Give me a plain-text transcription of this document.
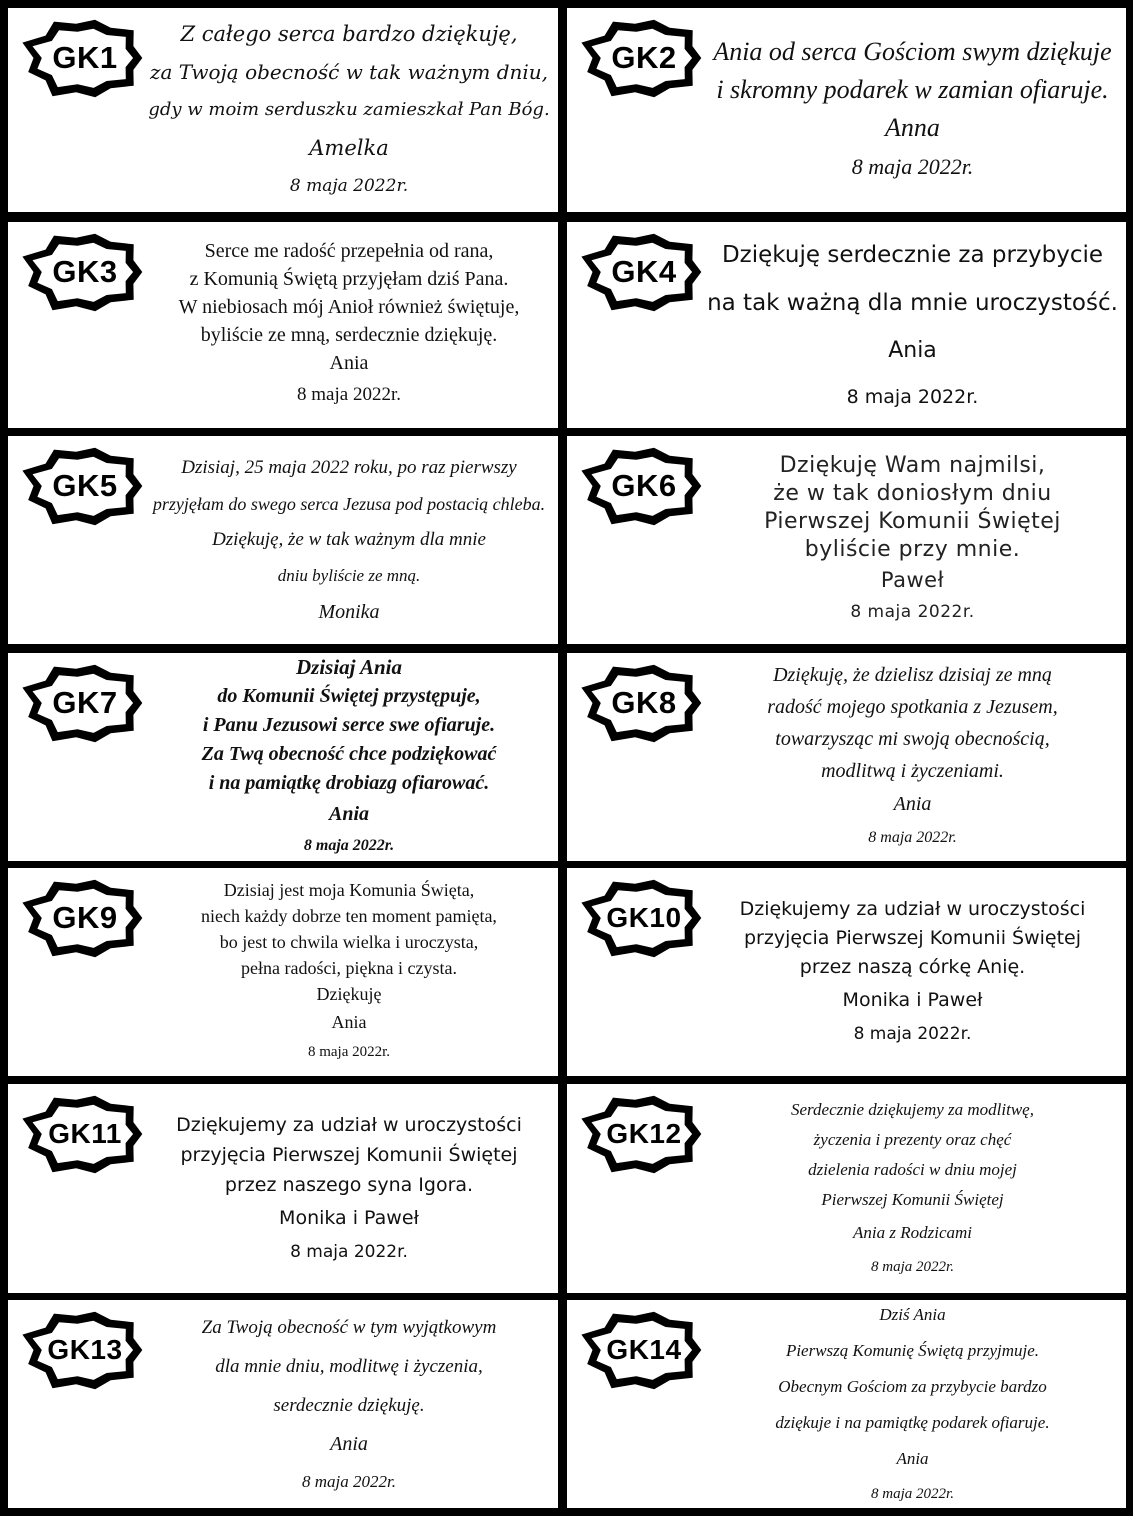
GK1
Z całego serca bardzo dziękuję,
za Twoją obecność w tak ważnym dniu,
gdy w moim serduszku zamieszkał Pan Bóg.
Amelka
8 maja 2022r.
GK2	Ania od serca Gościom swym dziękuje
i skromny podarek w zamian ofiaruje.
Anna
8 maja 2022r.
GK3
Serce me radość przepełnia od rana,
z Komunią Świętą przyjęłam dziś Pana.
W niebiosach mój Anioł również świętuje,
byliście ze mną, serdecznie dziękuję.
Ania
8 maja 2022r.
GK4	Dziękuję serdecznie za przybycie
na tak ważną dla mnie uroczystość.
Ania
8 maja 2022r.
GK5
Dzisiaj, 25 maja 2022 roku, po raz pierwszy
przyjęłam do swego serca Jezusa pod postacią chleba.
Dziękuję, że w tak ważnym dla mnie
dniu byliście ze mną.
Monika
GK6
Dziękuję Wam najmilsi,
że w tak doniosłym dniu
Pierwszej Komunii Świętej
byliście przy mnie.
Paweł
8 maja 2022r.
GK7
Dzisiaj Ania
do Komunii Świętej przystępuje,
i Panu Jezusowi serce swe ofiaruje.
Za Twą obecność chce podziękować
i na pamiątkę drobiazg ofiarować.
Ania
8 maja 2022r.
GK8
Dziękuję, że dzielisz dzisiaj ze mną
radość mojego spotkania z Jezusem,
towarzysząc mi swoją obecnością,
modlitwą i życzeniami.
Ania
8 maja 2022r.
GK9
Dzisiaj jest moja Komunia Święta,
niech każdy dobrze ten moment pamięta,
bo jest to chwila wielka i uroczysta,
pełna radości, piękna i czysta.
Dziękuję
Ania
8 maja 2022r.
GK10	Dziękujemy za udział w uroczystości
przyjęcia Pierwszej Komunii Świętej
przez naszą córkę Anię.
Monika i Paweł
8 maja 2022r.
GK11	Dziękujemy za udział w uroczystości
przyjęcia Pierwszej Komunii Świętej
przez naszego syna Igora.
Monika i Paweł
8 maja 2022r.
GK12
Serdecznie dziękujemy za modlitwę,
życzenia i prezenty oraz chęć
dzielenia radości w dniu mojej
Pierwszej Komunii Świętej
Ania z Rodzicami
8 maja 2022r.
GK13
Za Twoją obecność w tym wyjątkowym
dla mnie dniu, modlitwę i życzenia,
serdecznie dziękuję.
Ania
8 maja 2022r.
GK14
Dziś Ania
Pierwszą Komunię Świętą przyjmuje.
Obecnym Gościom za przybycie bardzo
dziękuje i na pamiątkę podarek ofiaruje.
Ania
8 maja 2022r.
